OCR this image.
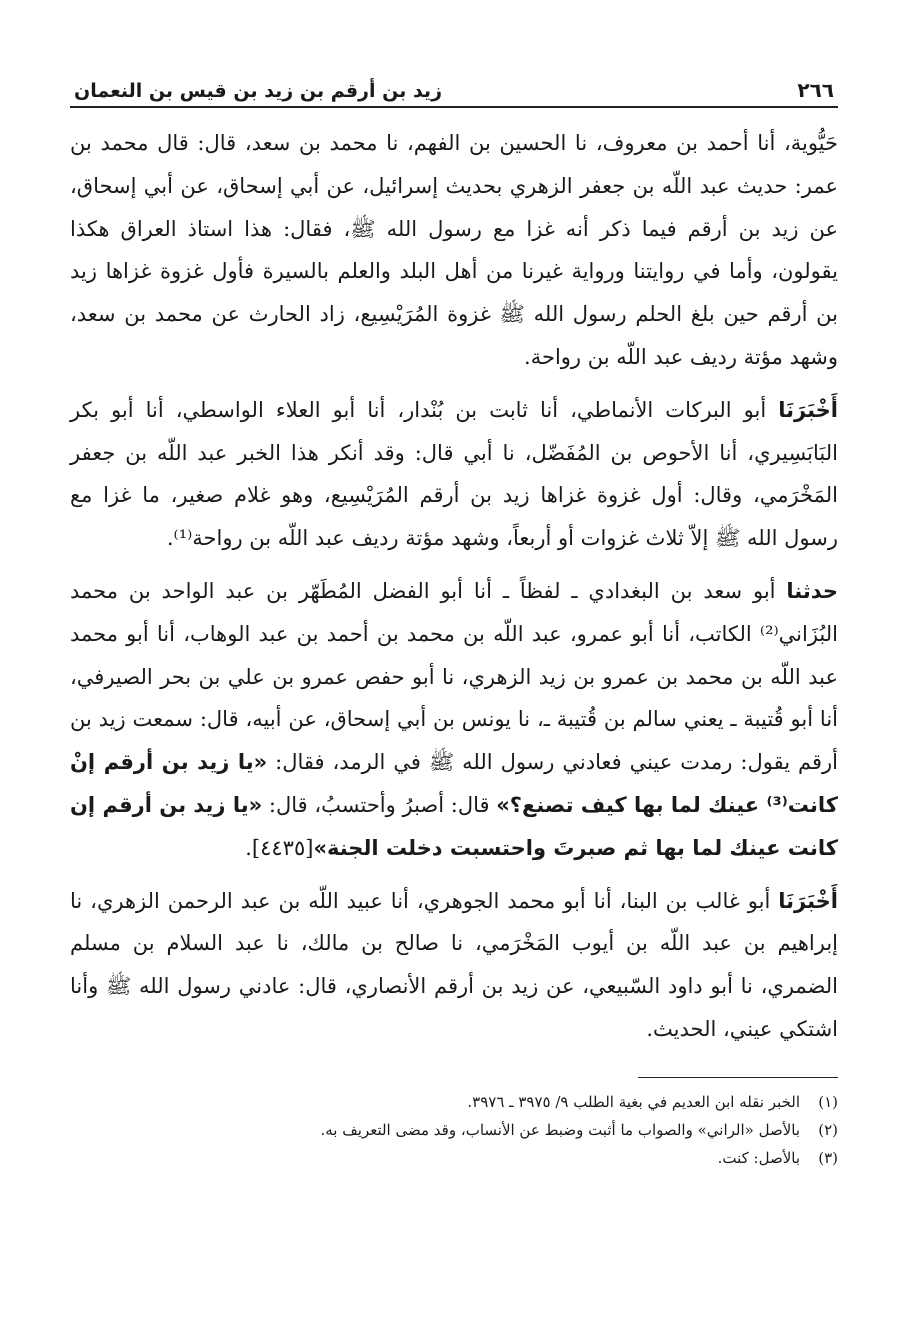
٢٦٦
زيد بن أرقم بن زيد بن قيس بن النعمان

حَيُّوية، أنا أحمد بن معروف، نا الحسين بن الفهم، نا محمد بن سعد، قال: قال محمد بن عمر: حديث عبد اللّه بن جعفر الزهري بحديث إسرائيل، عن أبي إسحاق، عن أبي إسحاق، عن زيد بن أرقم فيما ذكر أنه غزا مع رسول الله ﷺ، فقال: هذا استاذ العراق هكذا يقولون، وأما في روايتنا ورواية غيرنا من أهل البلد والعلم بالسيرة فأول غزوة غزاها زيد بن أرقم حين بلغ الحلم رسول الله ﷺ غزوة المُرَيْسِيع، زاد الحارث عن محمد بن سعد، وشهد مؤتة رديف عبد اللّه بن رواحة.

أَخْبَرَنَا أبو البركات الأنماطي، أنا ثابت بن بُنْدار، أنا أبو العلاء الواسطي، أنا أبو بكر البَابَسِيري، أنا الأحوص بن المُفَضّل، نا أبي قال: وقد أنكر هذا الخبر عبد اللّه بن جعفر المَخْرَمي، وقال: أول غزوة غزاها زيد بن أرقم المُرَيْسِيع، وهو غلام صغير، ما غزا مع رسول الله ﷺ إلاّ ثلاث غزوات أو أربعاً، وشهد مؤتة رديف عبد اللّه بن رواحة⁽¹⁾.

حدثنا أبو سعد بن البغدادي ـ لفظاً ـ أنا أبو الفضل المُطَهّر بن عبد الواحد بن محمد البُزَاني⁽²⁾ الكاتب، أنا أبو عمرو، عبد اللّه بن محمد بن أحمد بن عبد الوهاب، أنا أبو محمد عبد اللّه بن محمد بن عمرو بن زيد الزهري، نا أبو حفص عمرو بن علي بن بحر الصيرفي، أنا أبو قُتيبة ـ يعني سالم بن قُتيبة ـ، نا يونس بن أبي إسحاق، عن أبيه، قال: سمعت زيد بن أرقم يقول: رمدت عيني فعادني رسول الله ﷺ في الرمد، فقال: «يا زيد بن أرقم إنْ كانت⁽³⁾ عينك لما بها كيف تصنع؟» قال: أصبرُ وأحتسبُ، قال: «يا زيد بن أرقم إن كانت عينك لما بها ثم صبرتَ واحتسبت دخلت الجنة»[٤٤٣٥].

أَخْبَرَنَا أبو غالب بن البنا، أنا أبو محمد الجوهري، أنا عبيد اللّه بن عبد الرحمن الزهري، نا إبراهيم بن عبد اللّه بن أيوب المَخْرَمي، نا صالح بن مالك، نا عبد السلام بن مسلم الضمري، نا أبو داود السّبيعي، عن زيد بن أرقم الأنصاري، قال: عادني رسول الله ﷺ وأنا اشتكي عيني، الحديث.

(١)
الخبر نقله ابن العديم في بغية الطلب ٩/ ٣٩٧٥ ـ ٣٩٧٦.
(٢)
بالأصل «الراني» والصواب ما أثبت وضبط عن الأنساب، وقد مضى التعريف به.
(٣)
بالأصل: كنت.
